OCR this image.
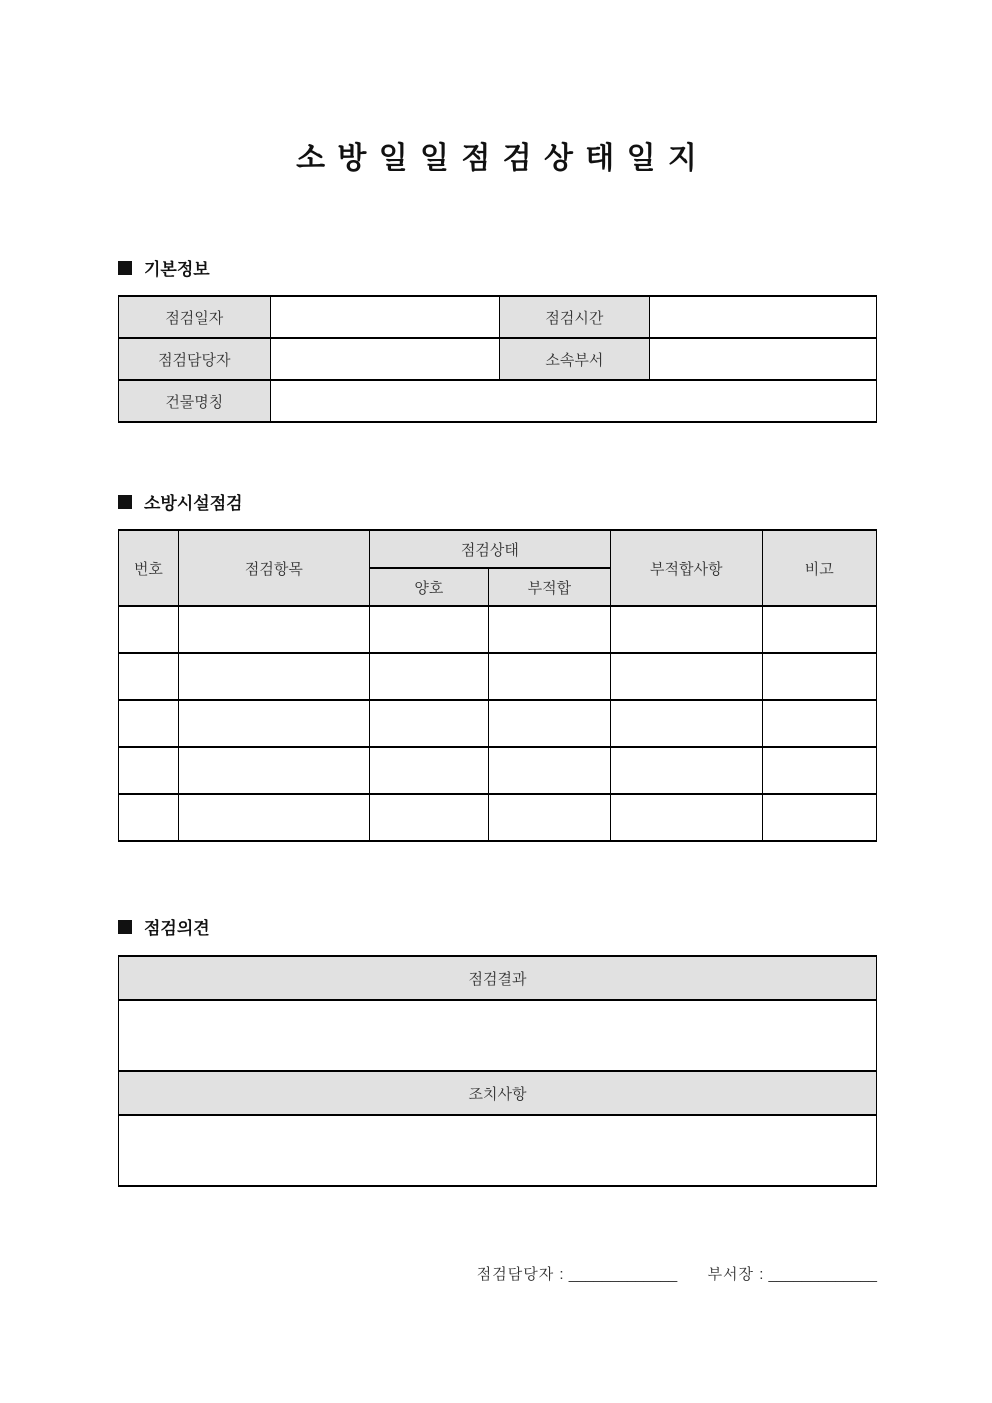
소 방 일 일 점 검 상 태 일 지
기본정보
점검일자		점검시간	
점검담당자		소속부서	
건물명칭			
소방시설점검
번호	점검항목	점검상태		부적합사항	비고
		양호	부적합		

점검의견
점검결과

조치사항

점검담당자 : _____________ 부서장 : _____________
